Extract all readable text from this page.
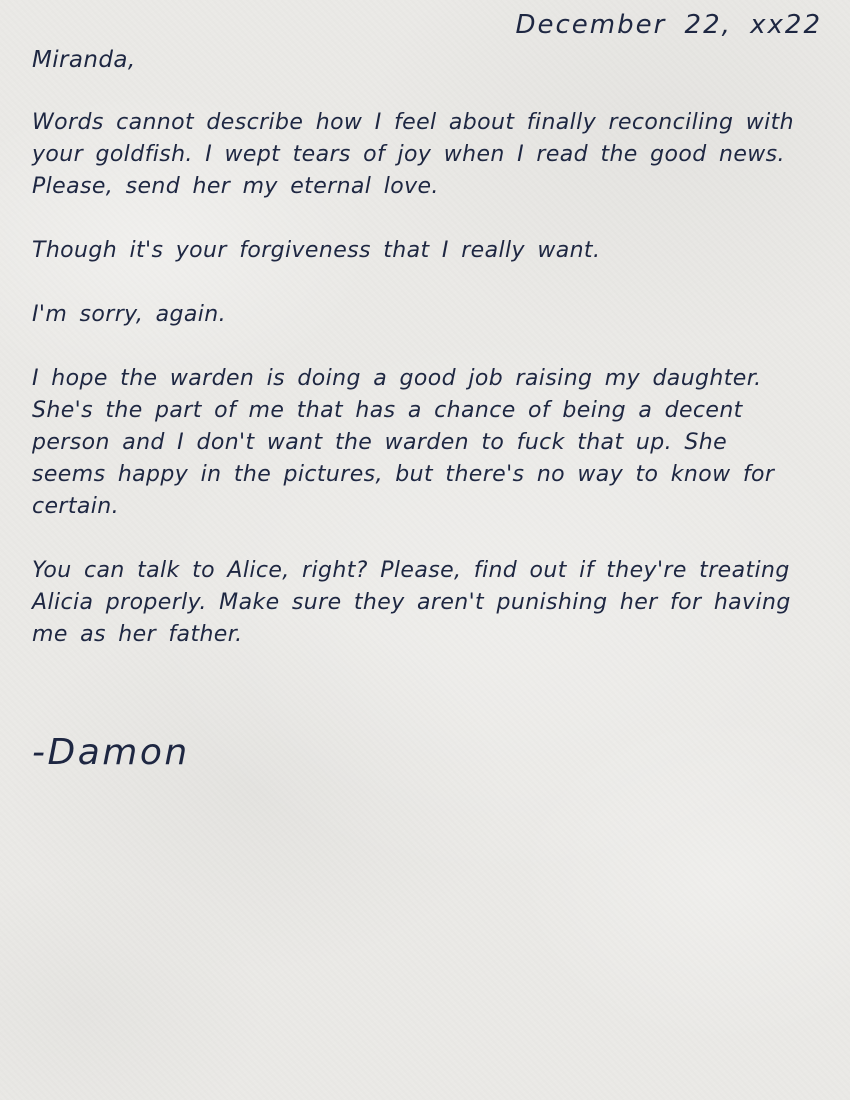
December 22, xx22
Miranda,
Words cannot describe how I feel about finally reconciling with your goldfish. I wept tears of joy when I read the good news. Please, send her my eternal love.
Though it's your forgiveness that I really want.
I'm sorry, again.
I hope the warden is doing a good job raising my daughter. She's the part of me that has a chance of being a decent person and I don't want the warden to fuck that up. She seems happy in the pictures, but there's no way to know for certain.
You can talk to Alice, right? Please, find out if they're treating Alicia properly. Make sure they aren't punishing her for having me as her father.
-Damon
